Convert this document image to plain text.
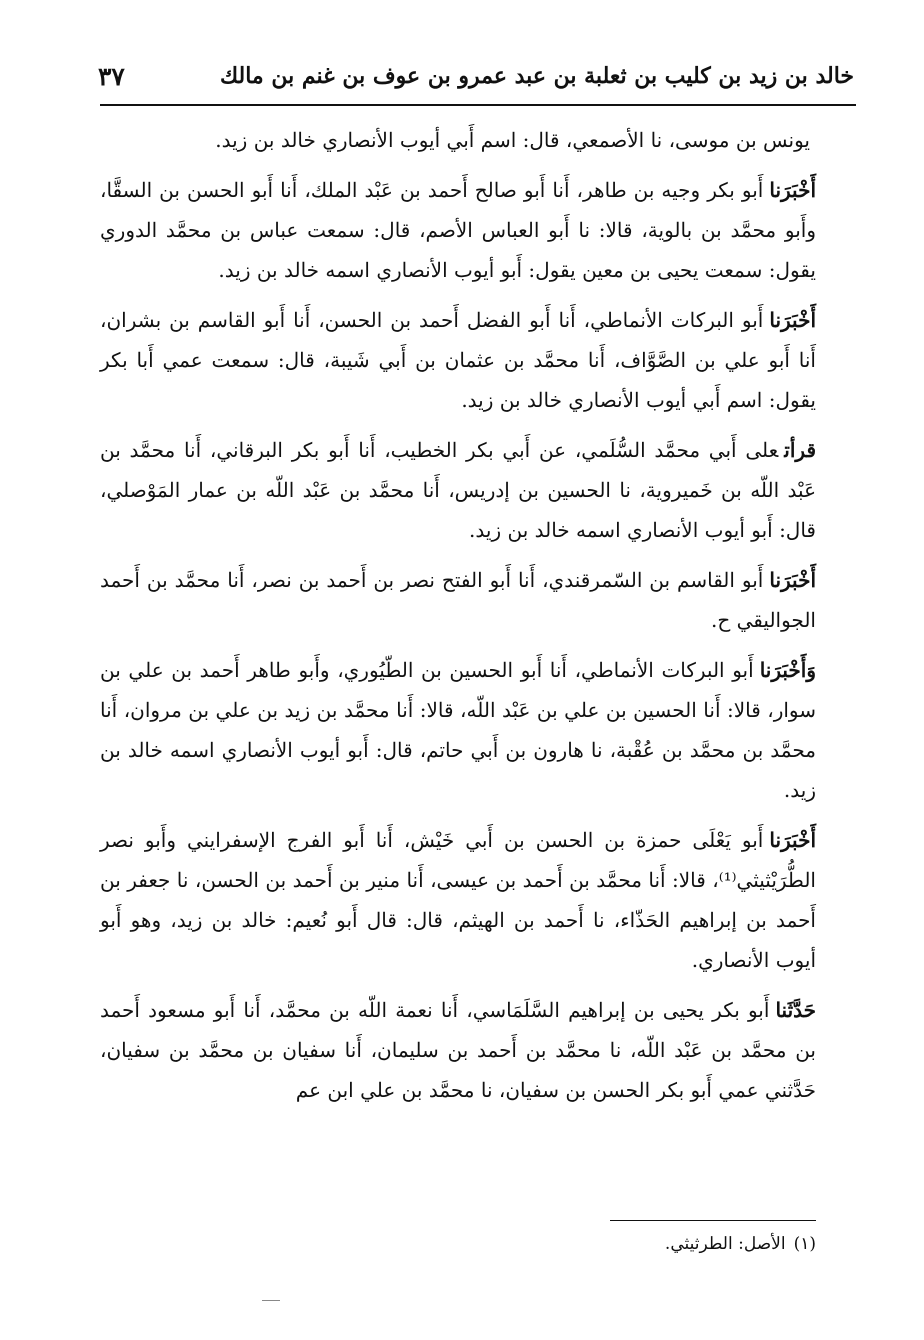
خالد بن زيد بن كليب بن ثعلبة بن عبد عمرو بن عوف بن غنم بن مالك
٣٧

يونس بن موسى، نا الأصمعي، قال: اسم أَبي أيوب الأنصاري خالد بن زيد.

أَخْبَرَناأَبو بكر وجيه بن طاهر، أَنا أَبو صالح أَحمد بن عَبْد الملك، أَنا أَبو الحسن بن السقَّا، وأَبو محمَّد بن بالوية، قالا: نا أَبو العباس الأصم، قال: سمعت عباس بن محمَّد الدوري يقول: سمعت يحيى بن معين يقول: أَبو أيوب الأنصاري اسمه خالد بن زيد.

أَخْبَرَناأَبو البركات الأنماطي، أَنا أَبو الفضل أَحمد بن الحسن، أَنا أَبو القاسم بن بشران، أَنا أَبو علي بن الصَّوَّاف، أَنا محمَّد بن عثمان بن أَبي شَيبة، قال: سمعت عمي أَبا بكر يقول: اسم أَبي أيوب الأنصاري خالد بن زيد.

قرأتعلى أَبي محمَّد السُّلَمي، عن أَبي بكر الخطيب، أَنا أَبو بكر البرقاني، أَنا محمَّد بن عَبْد اللّه بن خَميروية، نا الحسين بن إدريس، أَنا محمَّد بن عَبْد اللّه بن عمار المَوْصلي، قال: أَبو أيوب الأنصاري اسمه خالد بن زيد.

أَخْبَرَناأَبو القاسم بن السّمرقندي، أَنا أَبو الفتح نصر بن أَحمد بن نصر، أَنا محمَّد بن أَحمد الجواليقي ح.

وَأَخْبَرَناأَبو البركات الأنماطي، أَنا أَبو الحسين بن الطّيُوري، وأَبو طاهر أَحمد بن علي بن سوار، قالا: أَنا الحسين بن علي بن عَبْد اللّه، قالا: أَنا محمَّد بن زيد بن علي بن مروان، أَنا محمَّد بن محمَّد بن عُقْبة، نا هارون بن أَبي حاتم، قال: أَبو أيوب الأنصاري اسمه خالد بن زيد.

أَخْبَرَناأَبو يَعْلَى حمزة بن الحسن بن أَبي خَيْش، أَنا أَبو الفرج الإسفرايني وأَبو نصر الطُّرَيْثيثي⁽¹⁾، قالا: أَنا محمَّد بن أَحمد بن عيسى، أَنا منير بن أَحمد بن الحسن، نا جعفر بن أَحمد بن إبراهيم الحَذّاء، نا أَحمد بن الهيثم، قال: قال أَبو نُعيم: خالد بن زيد، وهو أَبو أيوب الأنصاري.

حَدَّثَناأَبو بكر يحيى بن إبراهيم السَّلَمَاسي، أَنا نعمة اللّه بن محمَّد، أَنا أَبو مسعود أَحمد بن محمَّد بن عَبْد اللّه، نا محمَّد بن أَحمد بن سليمان، أَنا سفيان بن محمَّد بن سفيان، حَدَّثني عمي أَبو بكر الحسن بن سفيان، نا محمَّد بن علي ابن عم

(١)الأصل: الطرثيثي.
